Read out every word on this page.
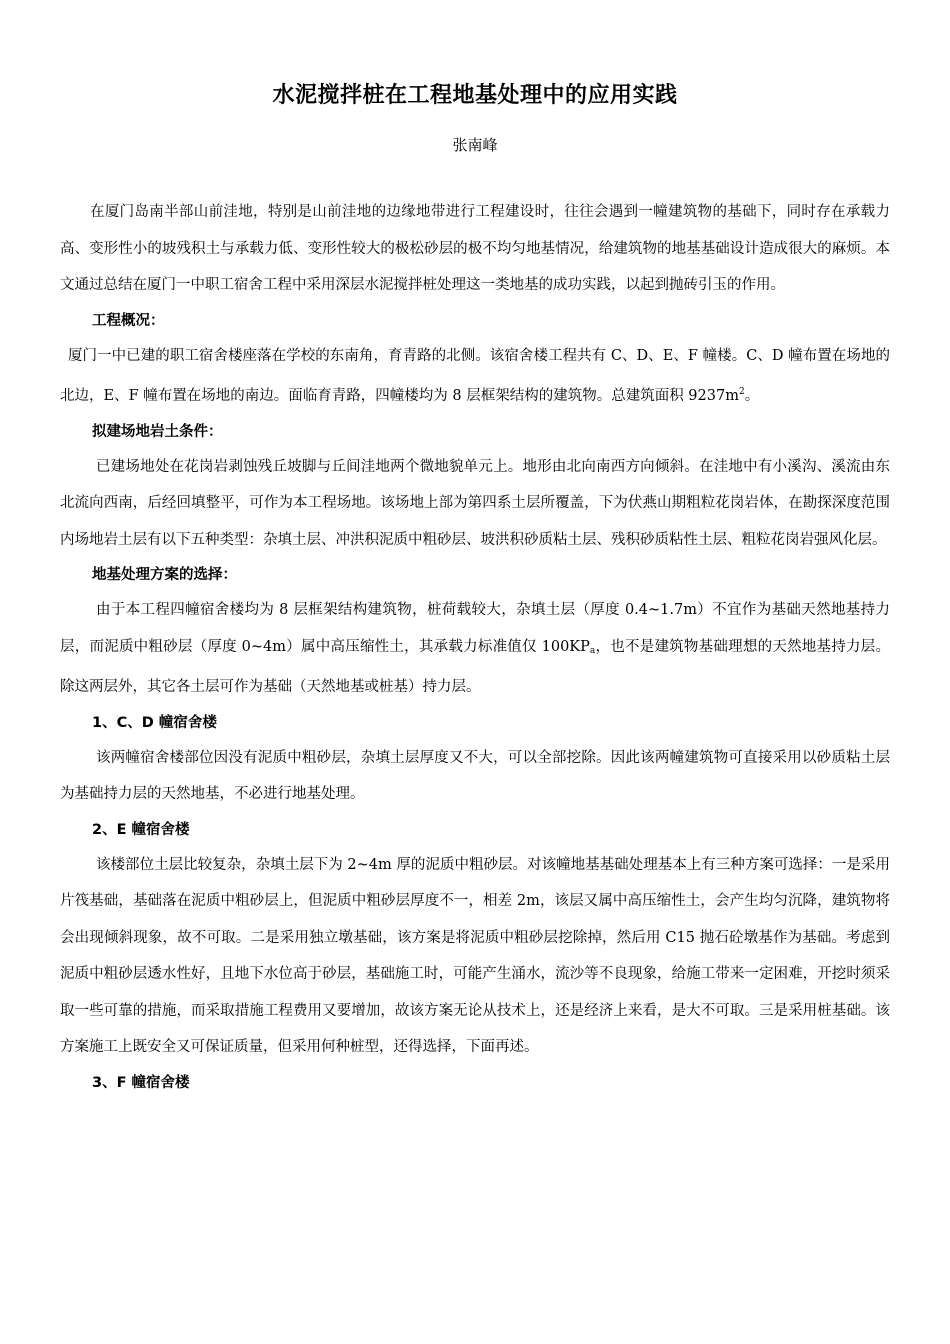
水泥搅拌桩在工程地基处理中的应用实践
张南峰

在厦门岛南半部山前洼地，特别是山前洼地的边缘地带进行工程建设时，往往会遇到一幢建筑物的基础下，同时存在承载力高、变形性小的坡残积土与承载力低、变形性较大的极松砂层的极不均匀地基情况，给建筑物的地基基础设计造成很大的麻烦。本文通过总结在厦门一中职工宿舍工程中采用深层水泥搅拌桩处理这一类地基的成功实践，以起到抛砖引玉的作用。

工程概况：

厦门一中已建的职工宿舍楼座落在学校的东南角，育青路的北侧。该宿舍楼工程共有 C、D、E、F 幢楼。C、D 幢布置在场地的北边，E、F 幢布置在场地的南边。面临育青路，四幢楼均为 8 层框架结构的建筑物。总建筑面积 $9237m^2$。

拟建场地岩土条件：

已建场地处在花岗岩剥蚀残丘坡脚与丘间洼地两个微地貌单元上。地形由北向南西方向倾斜。在洼地中有小溪沟、溪流由东北流向西南，后经回填整平，可作为本工程场地。该场地上部为第四系土层所覆盖，下为伏燕山期粗粒花岗岩体，在勘探深度范围内场地岩土层有以下五种类型：杂填土层、冲洪积泥质中粗砂层、坡洪积砂质粘土层、残积砂质粘性土层、粗粒花岗岩强风化层。

地基处理方案的选择：

由于本工程四幢宿舍楼均为 8 层框架结构建筑物，桩荷载较大，杂填土层（厚度 0.4~1.7m）不宜作为基础天然地基持力层，而泥质中粗砂层（厚度 0~4m）属中高压缩性土，其承载力标准值仅 $100KP_a$，也不是建筑物基础理想的天然地基持力层。除这两层外，其它各土层可作为基础（天然地基或桩基）持力层。

1、C、D 幢宿舍楼

该两幢宿舍楼部位因没有泥质中粗砂层，杂填土层厚度又不大，可以全部挖除。因此该两幢建筑物可直接采用以砂质粘土层为基础持力层的天然地基，不必进行地基处理。

2、E 幢宿舍楼

该楼部位土层比较复杂，杂填土层下为 2~4m 厚的泥质中粗砂层。对该幢地基基础处理基本上有三种方案可选择：一是采用片筏基础，基础落在泥质中粗砂层上，但泥质中粗砂层厚度不一，相差 2m，该层又属中高压缩性土，会产生均匀沉降，建筑物将会出现倾斜现象，故不可取。二是采用独立墩基础，该方案是将泥质中粗砂层挖除掉，然后用 C15 抛石砼墩基作为基础。考虑到泥质中粗砂层透水性好，且地下水位高于砂层，基础施工时，可能产生涌水，流沙等不良现象，给施工带来一定困难，开挖时须采取一些可靠的措施，而采取措施工程费用又要增加，故该方案无论从技术上，还是经济上来看，是大不可取。三是采用桩基础。该方案施工上既安全又可保证质量，但采用何种桩型，还得选择，下面再述。

3、F 幢宿舍楼
